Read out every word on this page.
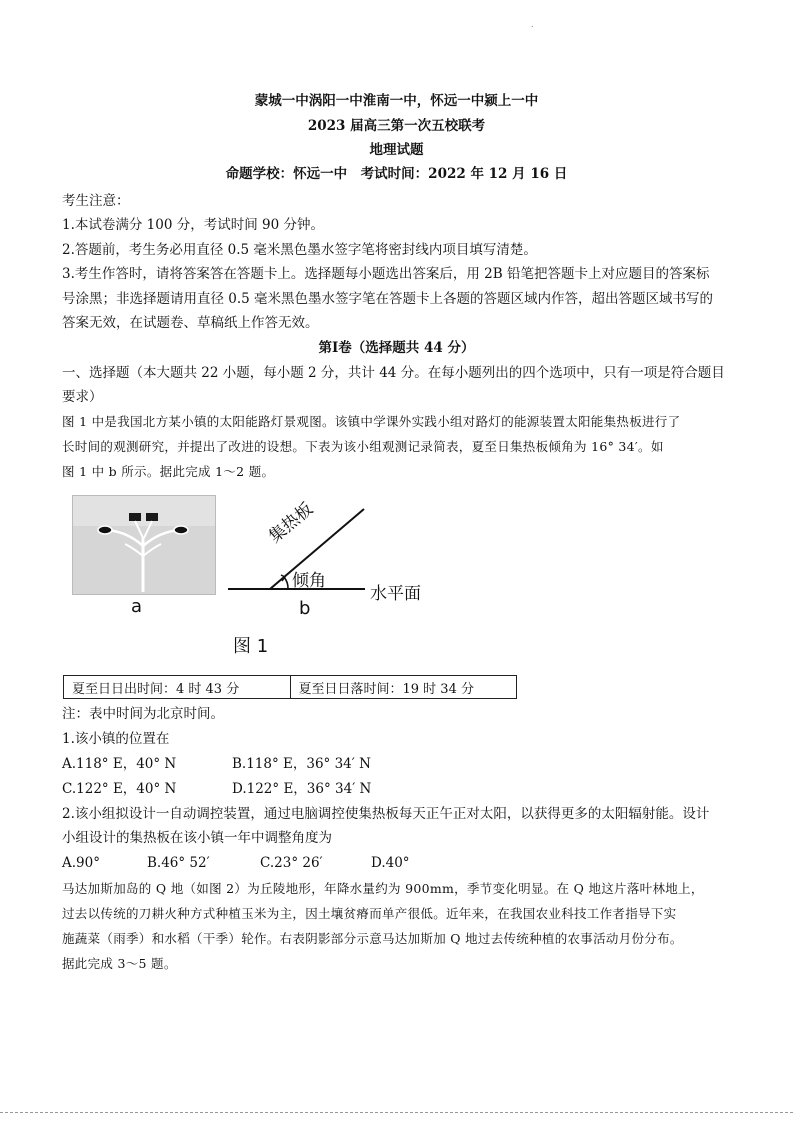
.
蒙城一中涡阳一中淮南一中，怀远一中颍上一中
2023 届高三第一次五校联考
地理试题
命题学校：怀远一中　考试时间：2022 年 12 月 16 日
考生注意：
1.本试卷满分 100 分，考试时间 90 分钟。
2.答题前，考生务必用直径 0.5 毫米黑色墨水签字笔将密封线内项目填写清楚。
3.考生作答时，请将答案答在答题卡上。选择题每小题选出答案后，用 2B 铅笔把答题卡上对应题目的答案标
号涂黑；非选择题请用直径 0.5 毫米黑色墨水签字笔在答题卡上各题的答题区域内作答，超出答题区域书写的
答案无效，在试题卷、草稿纸上作答无效。
第Ⅰ卷（选择题共 44 分）
一、选择题（本大题共 22 小题，每小题 2 分，共计 44 分。在每小题列出的四个选项中，只有一项是符合题目
要求）
图 1 中是我国北方某小镇的太阳能路灯景观图。该镇中学课外实践小组对路灯的能源装置太阳能集热板进行了
长时间的观测研究，并提出了改进的设想。下表为该小组观测记录简表，夏至日集热板倾角为 16° 34′。如
图 1 中 b 所示。据此完成 1～2 题。
a
集热板
倾角
水平面
b
图 1
夏至日日出时间：4 时 43 分	夏至日日落时间：19 时 34 分
注：表中时间为北京时间。
1.该小镇的位置在
A.118° E，40° N	B.118° E，36° 34′ N
C.122° E，40° N	D.122° E，36° 34′ N
2.该小组拟设计一自动调控装置，通过电脑调控使集热板每天正午正对太阳，以获得更多的太阳辐射能。设计
小组设计的集热板在该小镇一年中调整角度为
A.90°	B.46° 52′	C.23° 26′	D.40°
马达加斯加岛的 Q 地（如图 2）为丘陵地形，年降水量约为 900mm，季节变化明显。在 Q 地这片落叶林地上，
过去以传统的刀耕火种方式种植玉米为主，因土壤贫瘠而单产很低。近年来，在我国农业科技工作者指导下实
施蔬菜（雨季）和水稻（干季）轮作。右表阴影部分示意马达加斯加 Q 地过去传统种植的农事活动月份分布。
据此完成 3～5 题。
